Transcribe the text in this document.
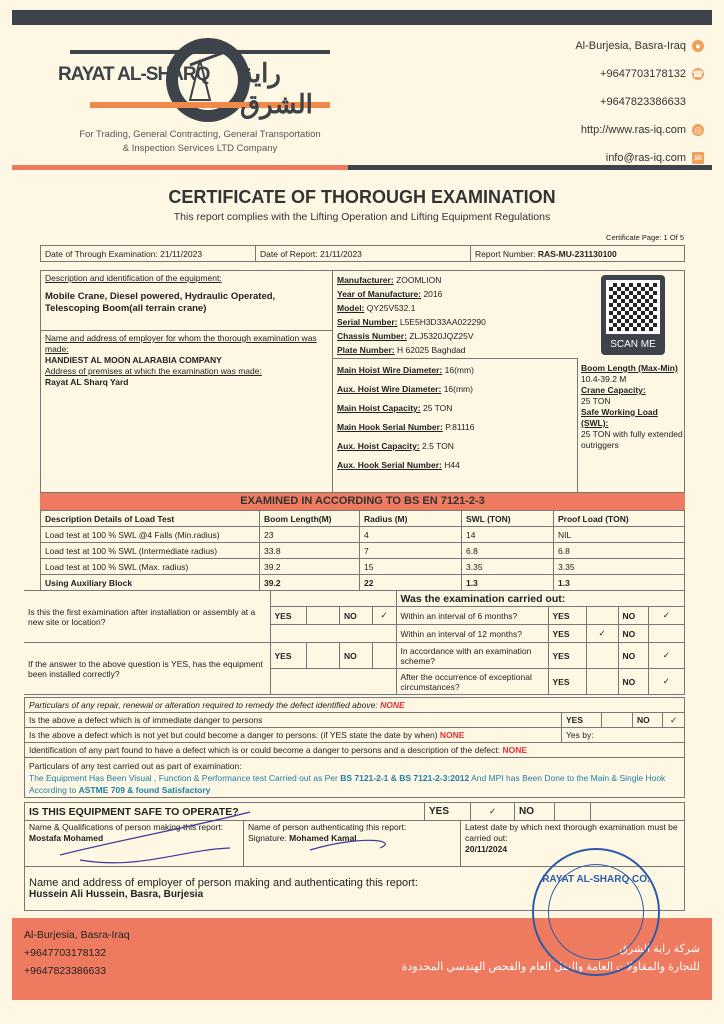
RAYAT AL-SHARQ راية الشرق
For Trading, General Contracting, General Transportation
& Inspection Services LTD Company
Al-Burjesia, Basra-Iraq	●
+9647703178132 ☎
+9647823386633
http://www.ras-iq.com ◎
info@ras-iq.com ✉
CERTIFICATE OF THOROUGH EXAMINATION
This report complies with the Lifting Operation and Lifting Equipment Regulations
Certificate Page: 1 Of 5
Date of Through Examination: 21/11/2023	Date of Report: 21/11/2023	Report Number: RAS-MU-231130100
Description and identification of the equipment:
Mobile Crane, Diesel powered, Hydraulic Operated, Telescoping Boom(all terrain crane)
Name and address of employer for whom the thorough examination was made:
HANDIEST AL MOON ALARABIA COMPANY
Address of premises at which the examination was made:
Rayat AL Sharq Yard
Manufacturer: ZOOMLION
Year of Manufacture: 2016
Model: QY25V532.1
Serial Number: L5E5H3D33AA022290
Chassis Number: ZLJ5320JQZ25V
Plate Number: H 62025 Baghdad
Main Hoist Wire Diameter: 16(mm)
Aux. Hoist Wire Diameter: 16(mm)
Main Hoist Capacity: 25 TON
Main Hook Serial Number: P.81116
Aux. Hoist Capacity: 2.5 TON
Aux. Hook Serial Number: H44
SCAN ME
Boom Length (Max-Min)
10.4-39.2 M
Crane Capacity:
25 TON
Safe Working Load (SWL):
25 TON with fully extended outriggers
EXAMINED IN ACCORDING TO BS EN 7121-2-3
Description Details of Load Test	Boom Length(M)	Radius (M)	SWL (TON)	Proof Load (TON)
Load test at 100 % SWL @4 Falls (Min.radius)	23	4	14	NIL
Load test at 100 % SWL (Intermediate radius)	33.8	7	6.8	6.8
Load test at 100 % SWL (Max. radius)	39.2	15	3.35	3.35
Using Auxiliary Block	39.2	22	1.3	1.3
Is this the first examination after installation or assembly at a new site or location?					Was the examination carried out:				
	YES		NO	✓	Within an interval of 6 months?	YES		NO	✓
					Within an interval of 12 months?	YES	✓	NO	
If the answer to the above question is YES, has the equipment been installed correctly?	YES		NO		In accordance with an examination scheme?	YES		NO	✓
					After the occurrence of exceptional circumstances?	YES		NO	✓
Particulars of any repair, renewal or alteration required to remedy the defect identified above: NONE				
Is the above a defect which is of immediate danger to persons	YES		NO	✓
Is the above a defect which is not yet but could become a danger to persons: (if YES state the date by when) NONE	Yes by:			
Identification of any part found to have a defect which is or could become a danger to persons and a description of the defect: NONE				

Particulars of any test carried out as part of examination:
The Equipment Has Been Visual , Function & Performance test Carried out as Per BS 7121-2-1 & BS 7121-2-3:2012 And MPI has Been Done to the Main & Single Hook According to ASTME 709 & found Satisfactory				
IS THIS EQUIPMENT SAFE TO OPERATE?	YES	✓	NO		
Name & Qualifications of person making this report:
Mostafa Mohamed

Name of person authenticating this report:
Signature: Mohamed Kamal

Latest date by which next thorough examination must be carried out:
20/11/2024

Name and address of employer of person making and authenticating this report:
Hussein Ali Hussein, Basra, Burjesia
Al-Burjesia, Basra-Iraq
+9647703178132
+9647823386633
شركة راية الشرق
للتجارة والمقاولات العامة والنقل العام والفحص الهندسي المحدودة
RAYAT AL-SHARQ CO.
